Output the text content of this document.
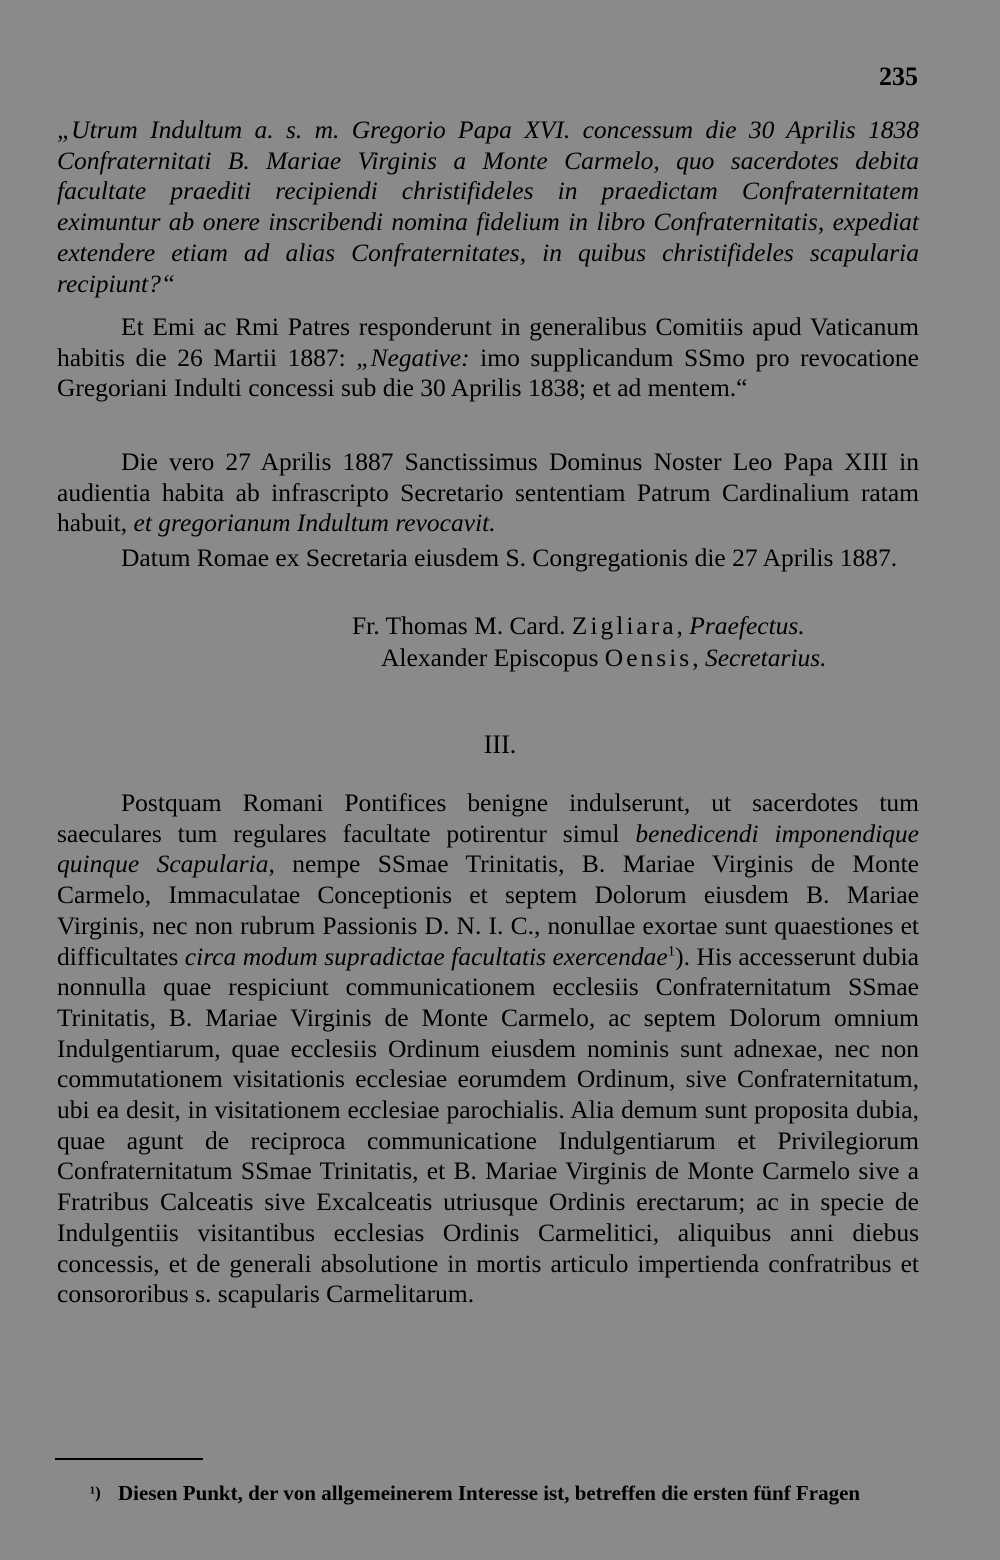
235

„Utrum Indultum a. s. m. Gregorio Papa XVI. concessum die 30 Aprilis 1838 Confraternitati B. Mariae Virginis a Monte Carmelo, quo sacerdotes debita facultate praediti recipiendi christifideles in praedictam Confraternitatem eximuntur ab onere inscribendi nomina fidelium in libro Confraternitatis, expediat extendere etiam ad alias Confraternitates, in quibus christifideles scapularia recipiunt?“

Et Emi ac Rmi Patres responderunt in generalibus Comitiis apud Vaticanum habitis die 26 Martii 1887: „Negative: imo supplicandum SSmo pro revocatione Gregoriani Indulti concessi sub die 30 Aprilis 1838; et ad mentem.“
Die vero 27 Aprilis 1887 Sanctissimus Dominus Noster Leo Papa XIII in audientia habita ab infrascripto Secretario sententiam Patrum Cardinalium ratam habuit, et gregorianum Indultum revocavit.
Datum Romae ex Secretaria eiusdem S. Congregationis die 27 Aprilis 1887.
Fr. Thomas M. Card. Zigliara, Praefectus.
Alexander Episcopus Oensis, Secretarius.
III.
Postquam Romani Pontifices benigne indulserunt, ut sacerdotes tum saeculares tum regulares facultate potirentur simul benedicendi imponendique quinque Scapularia, nempe SSmae Trinitatis, B. Mariae Virginis de Monte Carmelo, Immaculatae Conceptionis et septem Dolorum eiusdem B. Mariae Virginis, nec non rubrum Passionis D. N. I. C., nonullae exortae sunt quaestiones et difficultates circa modum supradictae facultatis exercendae$^1$). His accesserunt dubia nonnulla quae respiciunt communicationem ecclesiis Confraternitatum SSmae Trinitatis, B. Mariae Virginis de Monte Carmelo, ac septem Dolorum omnium Indulgentiarum, quae ecclesiis Ordinum eiusdem nominis sunt adnexae, nec non commutationem visitationis ecclesiae eorumdem Ordinum, sive Confraternitatum, ubi ea desit, in visitationem ecclesiae parochialis. Alia demum sunt proposita dubia, quae agunt de reciproca communicatione Indulgentiarum et Privilegiorum Confraternitatum SSmae Trinitatis, et B. Mariae Virginis de Monte Carmelo sive a Fratribus Calceatis sive Excalceatis utriusque Ordinis erectarum; ac in specie de Indulgentiis visitantibus ecclesias Ordinis Carmelitici, aliquibus anni diebus concessis, et de generali absolutione in mortis articulo impertienda confratribus et consororibus s. scapularis Carmelitarum.
¹) Diesen Punkt, der von allgemeinerem Interesse ist, betreffen die ersten fünf Fragen
